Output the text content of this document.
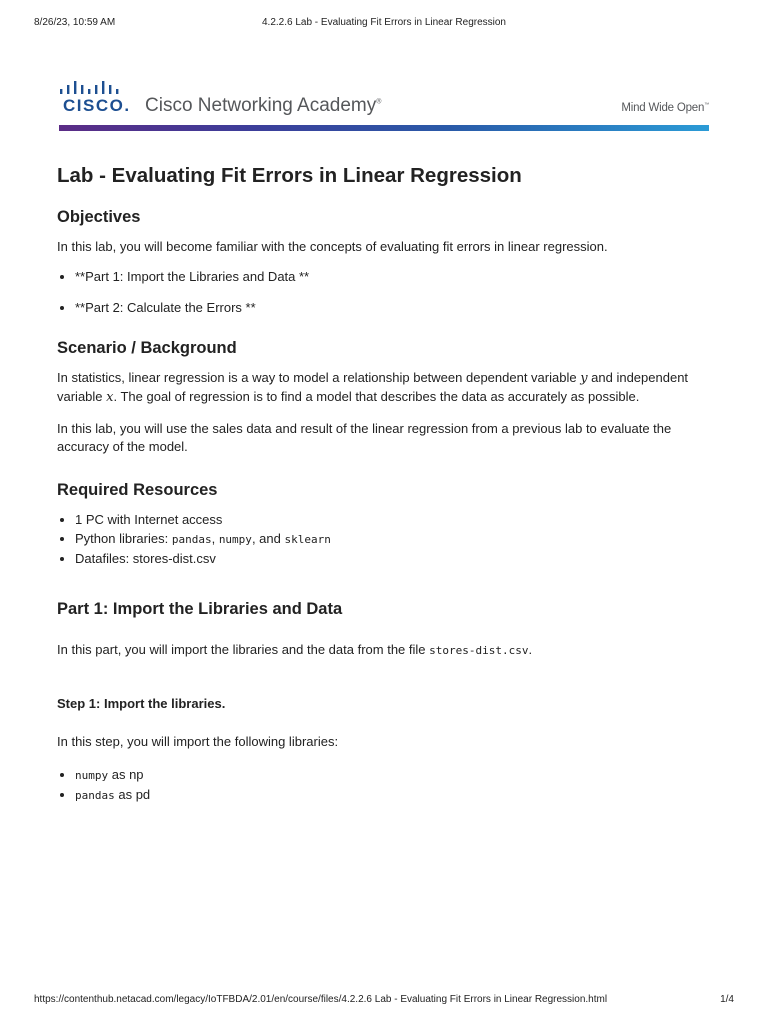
8/26/23, 10:59 AM	4.2.2.6 Lab - Evaluating Fit Errors in Linear Regression
CISCO. Cisco Networking Academy®	Mind Wide Open™
Lab - Evaluating Fit Errors in Linear Regression
Objectives

In this lab, you will become familiar with the concepts of evaluating fit errors in linear regression.

• **Part 1: Import the Libraries and Data **
• **Part 2: Calculate the Errors **
Scenario / Background

In statistics, linear regression is a way to model a relationship between dependent variable y and independent variable x. The goal of regression is to find a model that describes the data as accurately as possible.

In this lab, you will use the sales data and result of the linear regression from a previous lab to evaluate the accuracy of the model.

Required Resources
• 1 PC with Internet access
• Python libraries: pandas, numpy, and sklearn
• Datafiles: stores-dist.csv
Part 1: Import the Libraries and Data

In this part, you will import the libraries and the data from the file stores-dist.csv.

Step 1: Import the libraries.

In this step, you will import the following libraries:

• numpy as np
• pandas as pd
https://contenthub.netacad.com/legacy/IoTFBDA/2.01/en/course/files/4.2.2.6 Lab - Evaluating Fit Errors in Linear Regression.html	1/4
